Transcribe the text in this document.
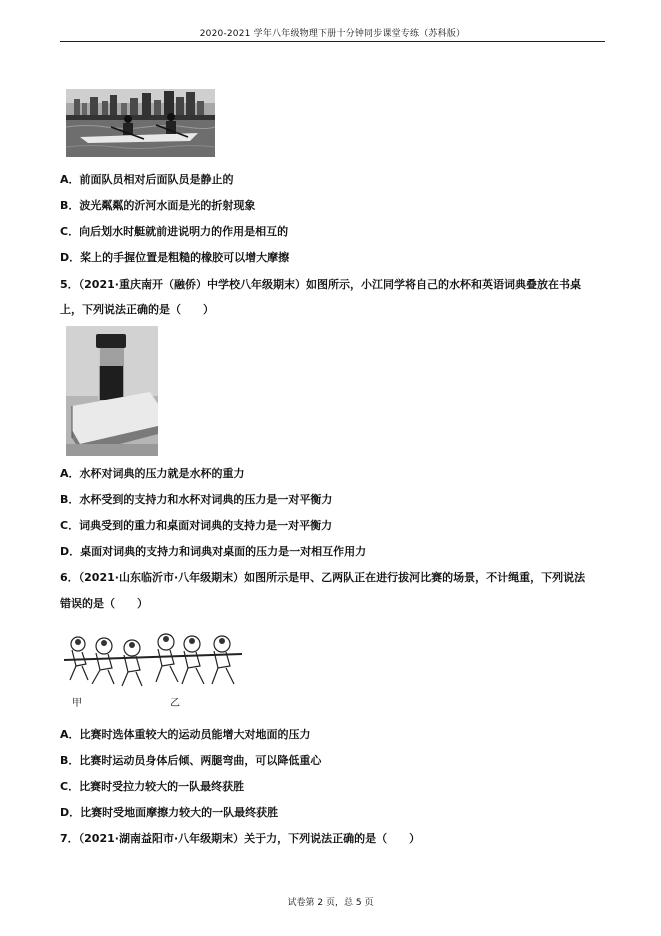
2020-2021 学年八年级物理下册十分钟同步课堂专练（苏科版）
A．前面队员相对后面队员是静止的
B．波光粼粼的沂河水面是光的折射现象
C．向后划水时艇就前进说明力的作用是相互的
D．桨上的手握位置是粗糙的橡胶可以增大摩擦
5．（2021·重庆南开（融侨）中学校八年级期末）如图所示，小江同学将自己的水杯和英语词典叠放在书桌
上，下列说法正确的是（　　）
A．水杯对词典的压力就是水杯的重力
B．水杯受到的支持力和水杯对词典的压力是一对平衡力
C．词典受到的重力和桌面对词典的支持力是一对平衡力
D．桌面对词典的支持力和词典对桌面的压力是一对相互作用力
6．（2021·山东临沂市·八年级期末）如图所示是甲、乙两队正在进行拔河比赛的场景，不计绳重，下列说法
错误的是（　　）
甲	乙
A．比赛时选体重较大的运动员能增大对地面的压力
B．比赛时运动员身体后倾、两腿弯曲，可以降低重心
C．比赛时受拉力较大的一队最终获胜
D．比赛时受地面摩擦力较大的一队最终获胜
7．（2021·湖南益阳市·八年级期末）关于力，下列说法正确的是（　　）
试卷第 2 页，总 5 页
